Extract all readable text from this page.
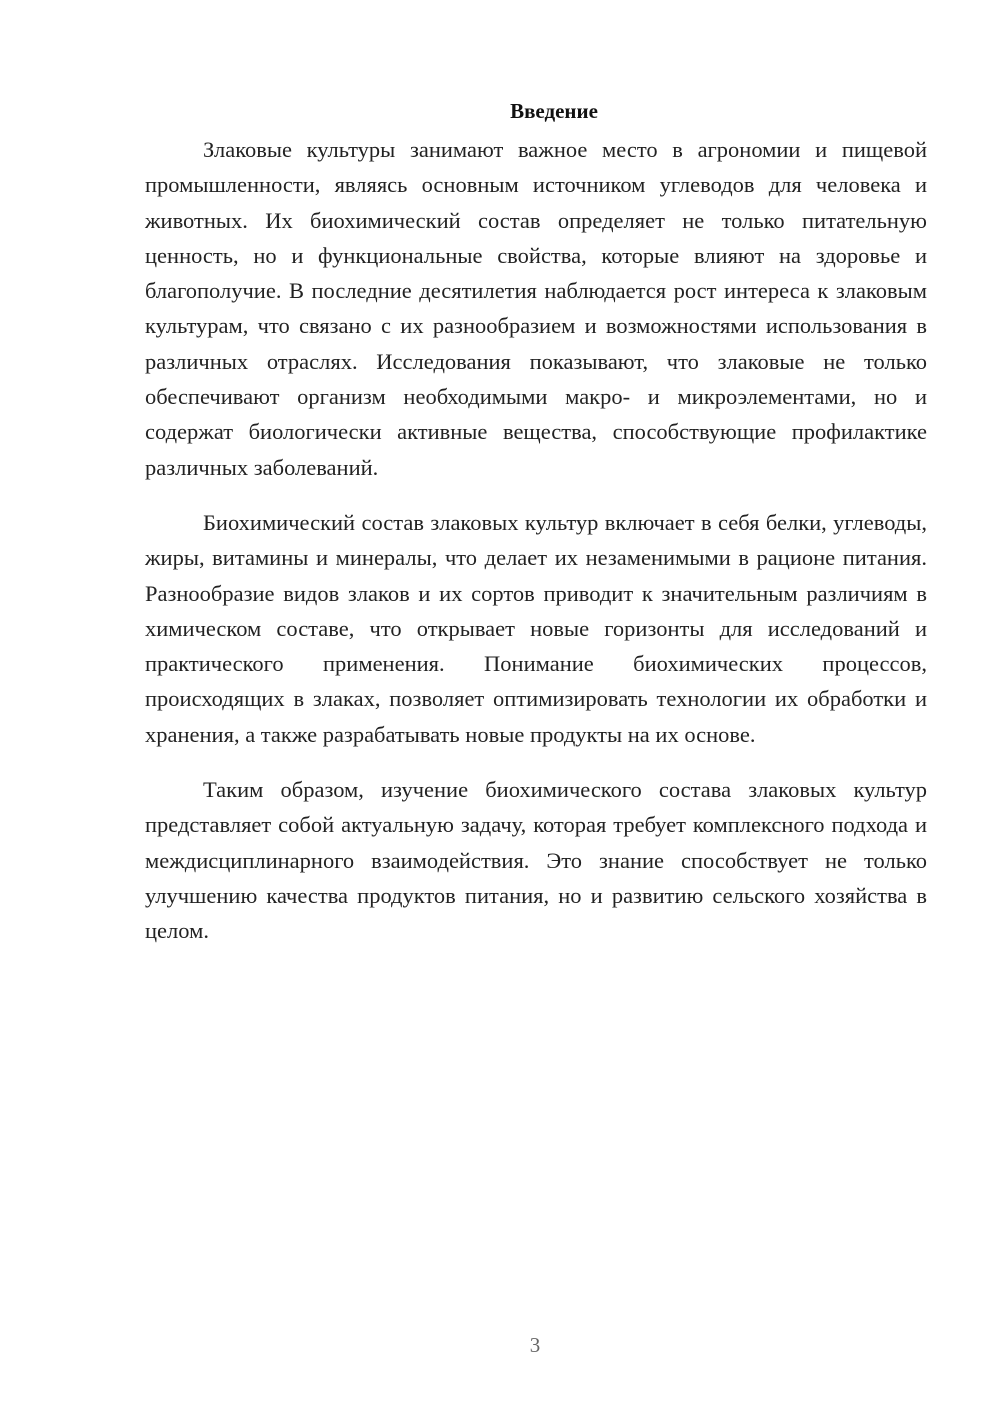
Введение

Злаковые культуры занимают важное место в агрономии и пищевой промышленности, являясь основным источником углеводов для человека и животных. Их биохимический состав определяет не только питательную ценность, но и функциональные свойства, которые влияют на здоровье и благополучие. В последние десятилетия наблюдается рост интереса к злаковым культурам, что связано с их разнообразием и возможностями использования в различных отраслях. Исследования показывают, что злаковые не только обеспечивают организм необходимыми макро- и микроэлементами, но и содержат биологически активные вещества, способствующие профилактике различных заболеваний.

Биохимический состав злаковых культур включает в себя белки, углеводы, жиры, витамины и минералы, что делает их незаменимыми в рационе питания. Разнообразие видов злаков и их сортов приводит к значительным различиям в химическом составе, что открывает новые горизонты для исследований и практического применения. Понимание биохимических процессов, происходящих в злаках, позволяет оптимизировать технологии их обработки и хранения, а также разрабатывать новые продукты на их основе.

Таким образом, изучение биохимического состава злаковых культур представляет собой актуальную задачу, которая требует комплексного подхода и междисциплинарного взаимодействия. Это знание способствует не только улучшению качества продуктов питания, но и развитию сельского хозяйства в целом.

3
